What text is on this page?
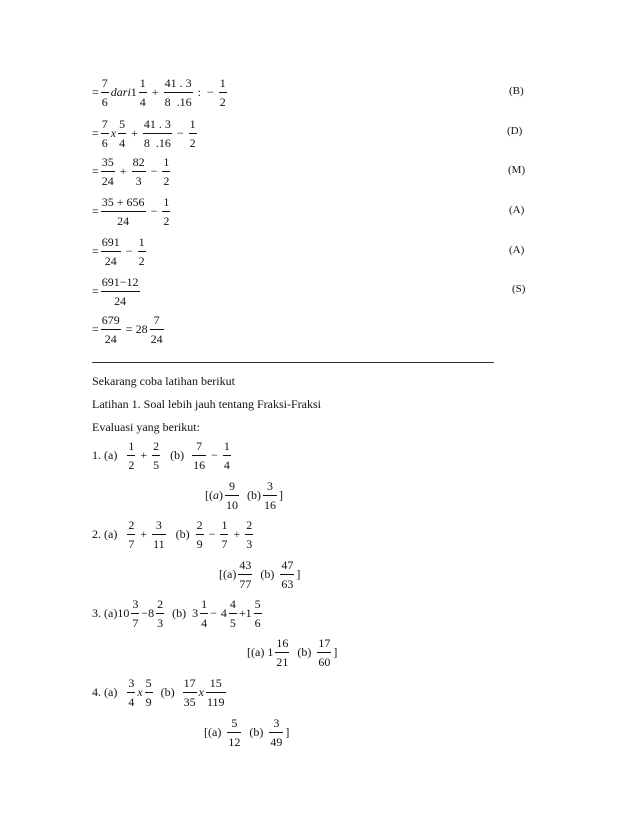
= $\frac{7}{6}$ dari $1 \frac{1}{4} + \frac{41 . 3}{8 .16}$ : − $\frac{1}{2}$	(B)
= $\frac{7}{6}$ x $\frac{5}{4} + \frac{41 . 3}{8 .16} - \frac{1}{2}$	(D)
= $\frac{35}{24} + \frac{82}{3} - \frac{1}{2}$	(M)
= $\frac{35 + 656}{24} - \frac{1}{2}$	(A)
= $\frac{691}{24} - \frac{1}{2}$	(A)
= $\frac{691-12}{24}$	(S)
= $\frac{679}{24} = 28 \frac{7}{24}$
Sekarang coba latihan berikut
Latihan 1. Soal lebih jauh tentang Fraksi-Fraksi
Evaluasi yang berikut:
1. $(a) \frac{1}{2} + \frac{2}{5} (b) \frac{7}{16} - \frac{1}{4}$
[$(a) \frac{9}{10} (b) \frac{3}{16}$ ]
2. $(a) \frac{2}{7} + \frac{3}{11} (b) \frac{2}{9} - \frac{1}{7} + \frac{2}{3}$
[$(a) \frac{43}{77} (b) \frac{47}{63}$ ]
3. (a) $10 \frac{3}{7} -8 \frac{2}{3} (b)$ $3 \frac{1}{4} - 4 \frac{4}{5} +1 \frac{5}{6}$
[(a) $1 \frac{16}{21} (b) \frac{17}{60}$ ]
4. $(a) \frac{3}{4}$ x $\frac{5}{9} (b) \frac{17}{35}$ x $\frac{15}{119}$
[$(a) \frac{5}{12} (b) \frac{3}{49}$ ]
